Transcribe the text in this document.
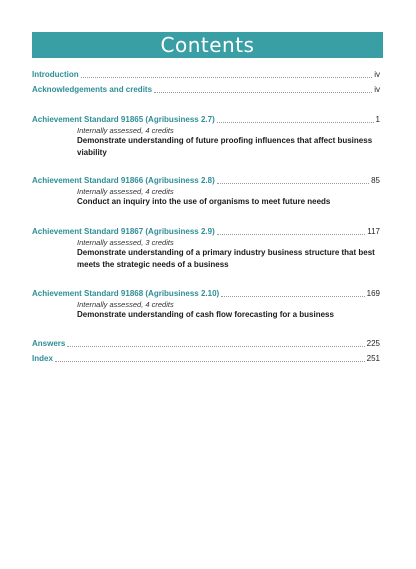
Contents
Introduction	iv
Acknowledgements and credits	iv
Achievement Standard 91865 (Agribusiness 2.7)	1
Internally assessed, 4 credits
Demonstrate understanding of future proofing influences that affect business viability
Achievement Standard 91866 (Agribusiness 2.8)	85
Internally assessed, 4 credits
Conduct an inquiry into the use of organisms to meet future needs
Achievement Standard 91867 (Agribusiness 2.9)	117
Internally assessed, 3 credits
Demonstrate understanding of a primary industry business structure that best meets the strategic needs of a business
Achievement Standard 91868 (Agribusiness 2.10)	169
Internally assessed, 4 credits
Demonstrate understanding of cash flow forecasting for a business
Answers	225
Index	251
